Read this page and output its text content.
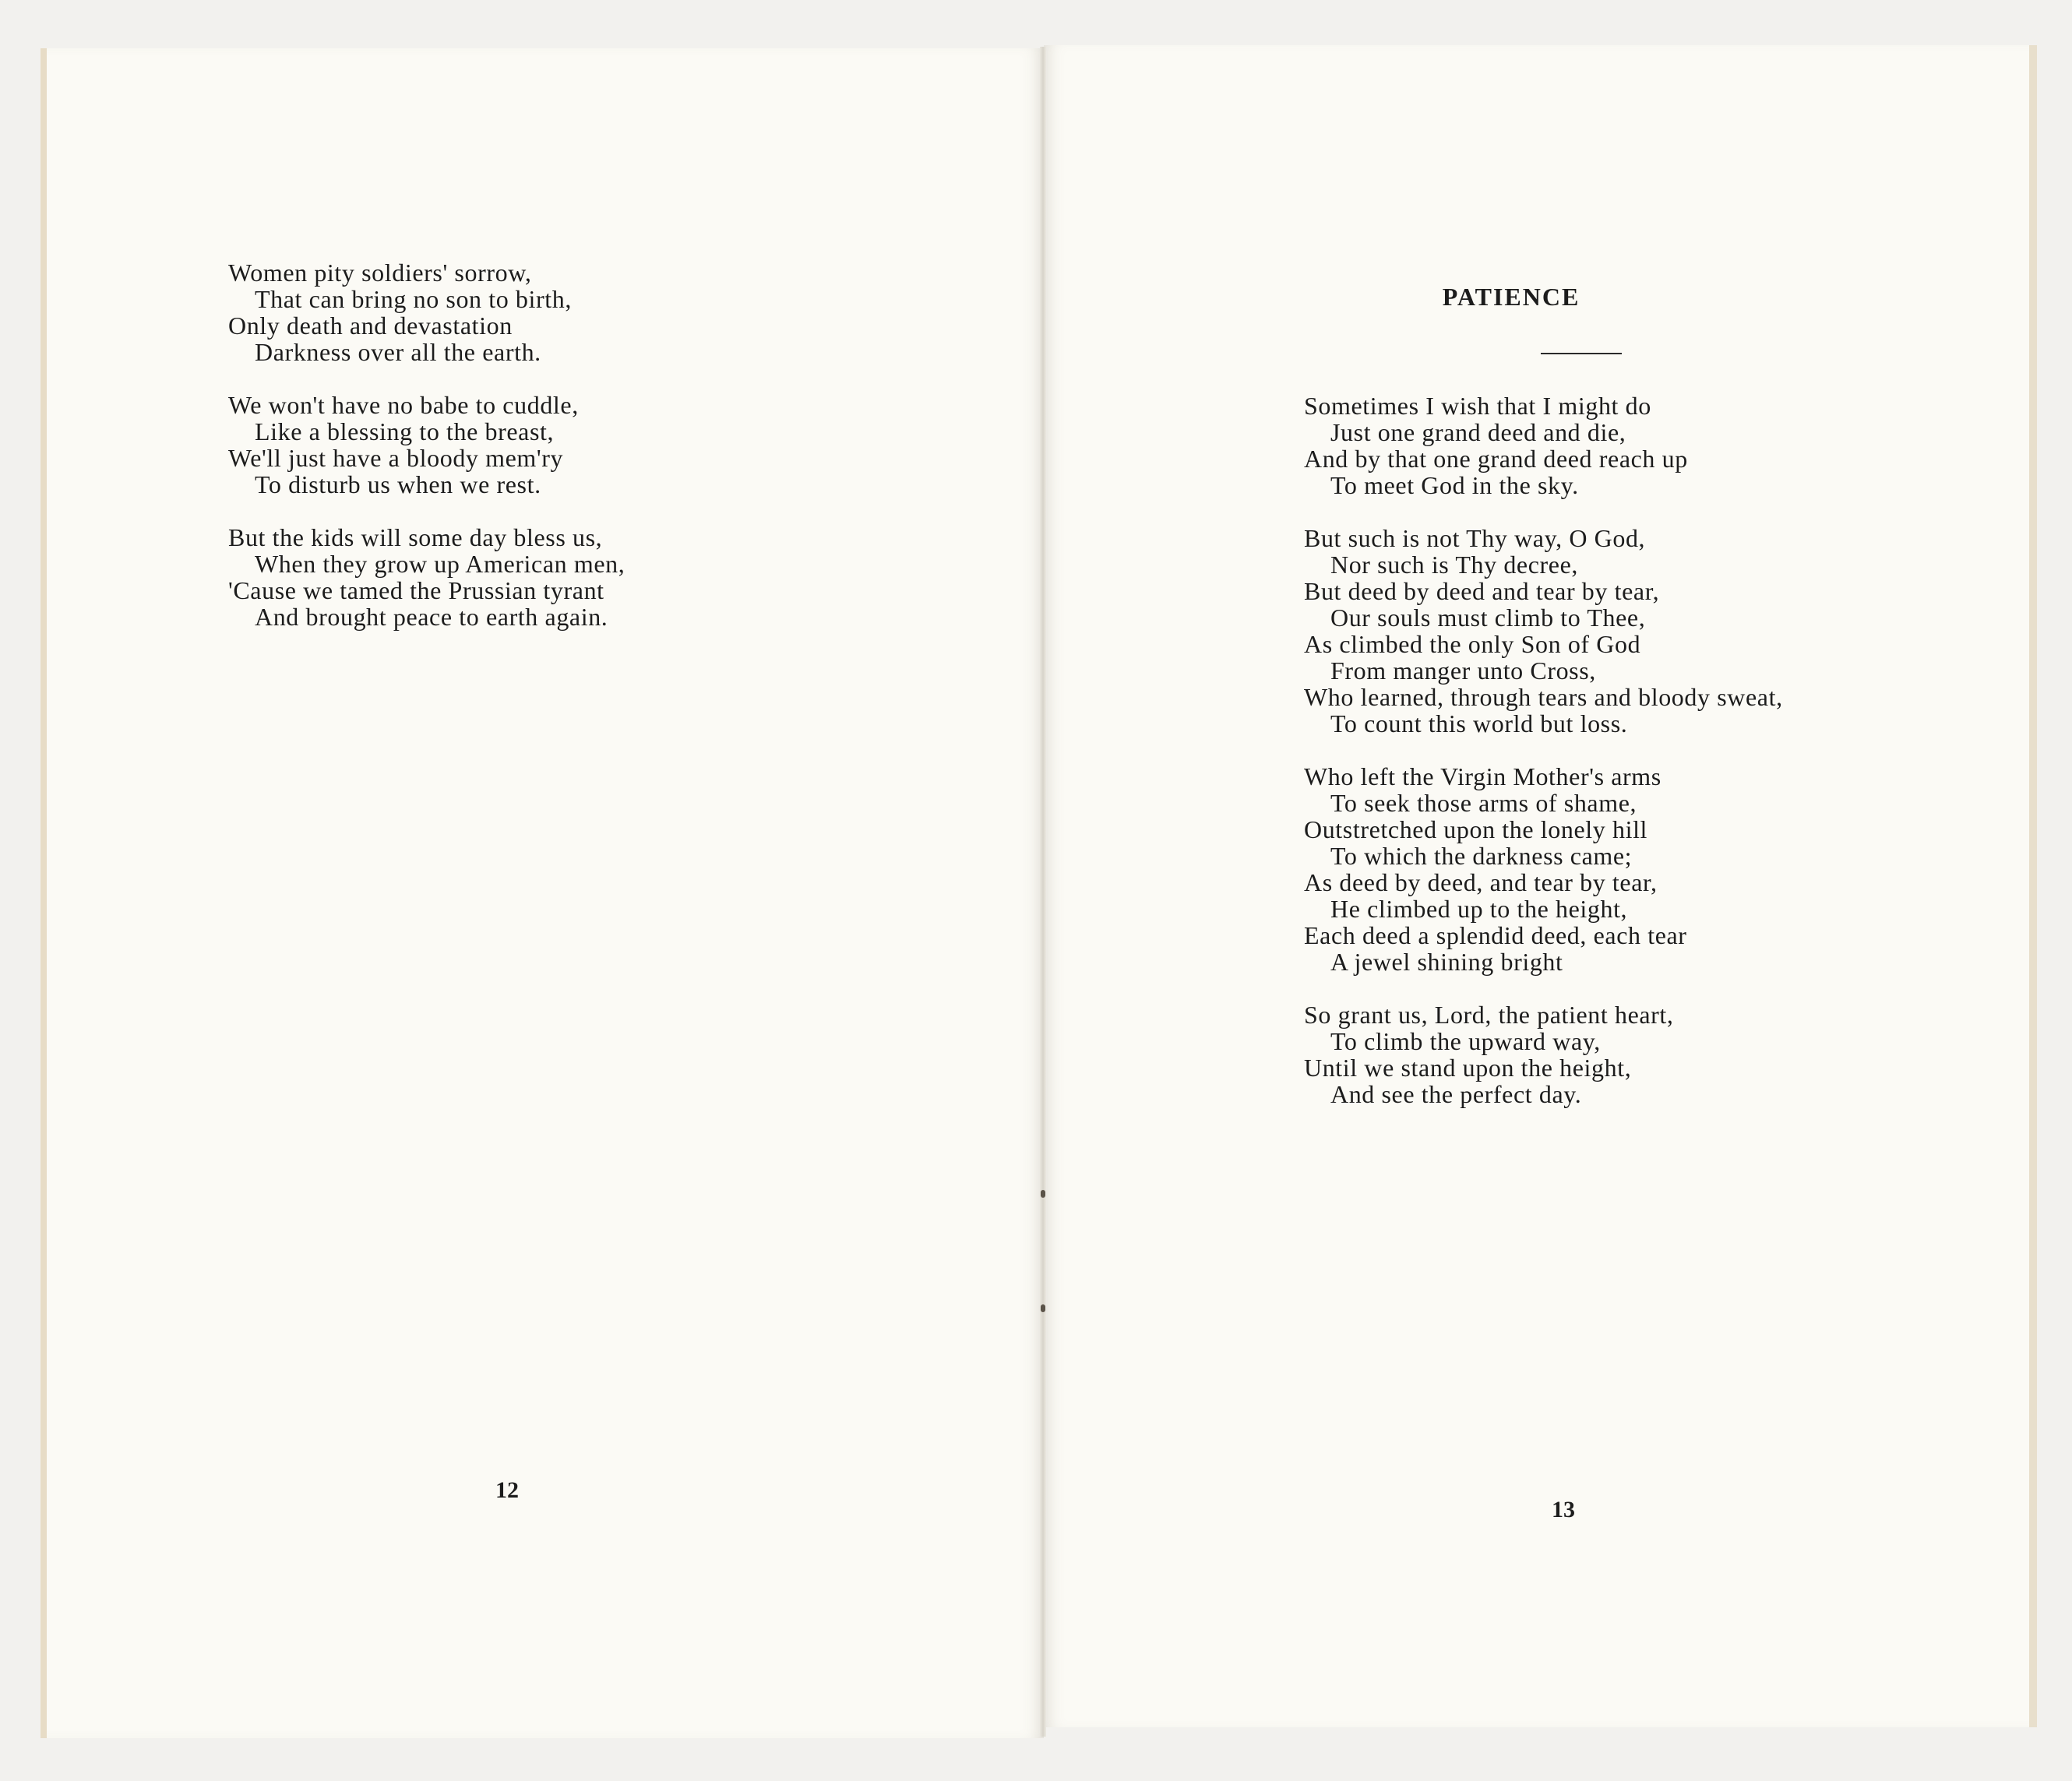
Women pity soldiers' sorrow,
That can bring no son to birth,
Only death and devastation
Darkness over all the earth.
We won't have no babe to cuddle,
Like a blessing to the breast,
We'll just have a bloody mem'ry
To disturb us when we rest.
But the kids will some day bless us,
When they grow up American men,
'Cause we tamed the Prussian tyrant
And brought peace to earth again.
12
PATIENCE
Sometimes I wish that I might do
Just one grand deed and die,
And by that one grand deed reach up
To meet God in the sky.
But such is not Thy way, O God,
Nor such is Thy decree,
But deed by deed and tear by tear,
Our souls must climb to Thee,
As climbed the only Son of God
From manger unto Cross,
Who learned, through tears and bloody sweat,
To count this world but loss.
Who left the Virgin Mother's arms
To seek those arms of shame,
Outstretched upon the lonely hill
To which the darkness came;
As deed by deed, and tear by tear,
He climbed up to the height,
Each deed a splendid deed, each tear
A jewel shining bright
So grant us, Lord, the patient heart,
To climb the upward way,
Until we stand upon the height,
And see the perfect day.
13
